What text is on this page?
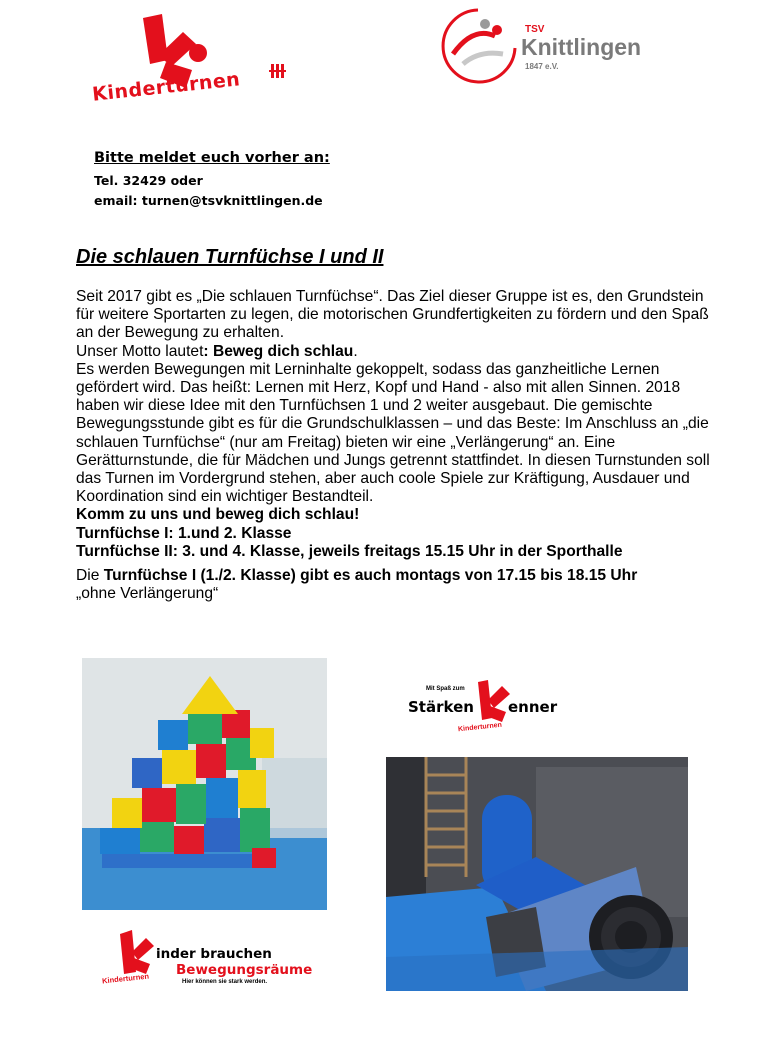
Kinderturnen
TSV
Knittlingen
1847 e.V.
Bitte meldet euch vorher an:
Tel. 32429 oder
email: turnen@tsvknittlingen.de
Die schlauen Turnfüchse I und II

Seit 2017 gibt es „Die schlauen Turnfüchse“. Das Ziel dieser Gruppe ist es, den Grundstein für weitere Sportarten zu legen, die motorischen Grundfertigkeiten zu fördern und den Spaß an der Bewegung zu erhalten.

Unser Motto lautet: Beweg dich schlau.

Es werden Bewegungen mit Lerninhalte gekoppelt, sodass das ganzheitliche Lernen gefördert wird. Das heißt: Lernen mit Herz, Kopf und Hand - also mit allen Sinnen. 2018 haben wir diese Idee mit den Turnfüchsen 1 und 2 weiter ausgebaut. Die gemischte Bewegungsstunde gibt es für die Grundschulklassen – und das Beste: Im Anschluss an „die schlauen Turnfüchse“ (nur am Freitag) bieten wir eine „Verlängerung“ an. Eine Gerätturnstunde, die für Mädchen und Jungs getrennt stattfindet. In diesen Turnstunden soll das Turnen im Vordergrund stehen, aber auch coole Spiele zur Kräftigung, Ausdauer und Koordination sind ein wichtiger Bestandteil.

Komm zu uns und beweg dich schlau!

Turnfüchse I: 1.und 2. Klasse

Turnfüchse II: 3. und 4. Klasse, jeweils freitags 15.15 Uhr in der Sporthalle

Die Turnfüchse I (1./2. Klasse) gibt es auch montags von 17.15 bis 18.15 Uhr

„ohne Verlängerung“

Mit Spaß zum
Stärken enner
Kinderturnen
inder brauchen
Bewegungsräume
Hier können sie stark werden.
Kinderturnen
